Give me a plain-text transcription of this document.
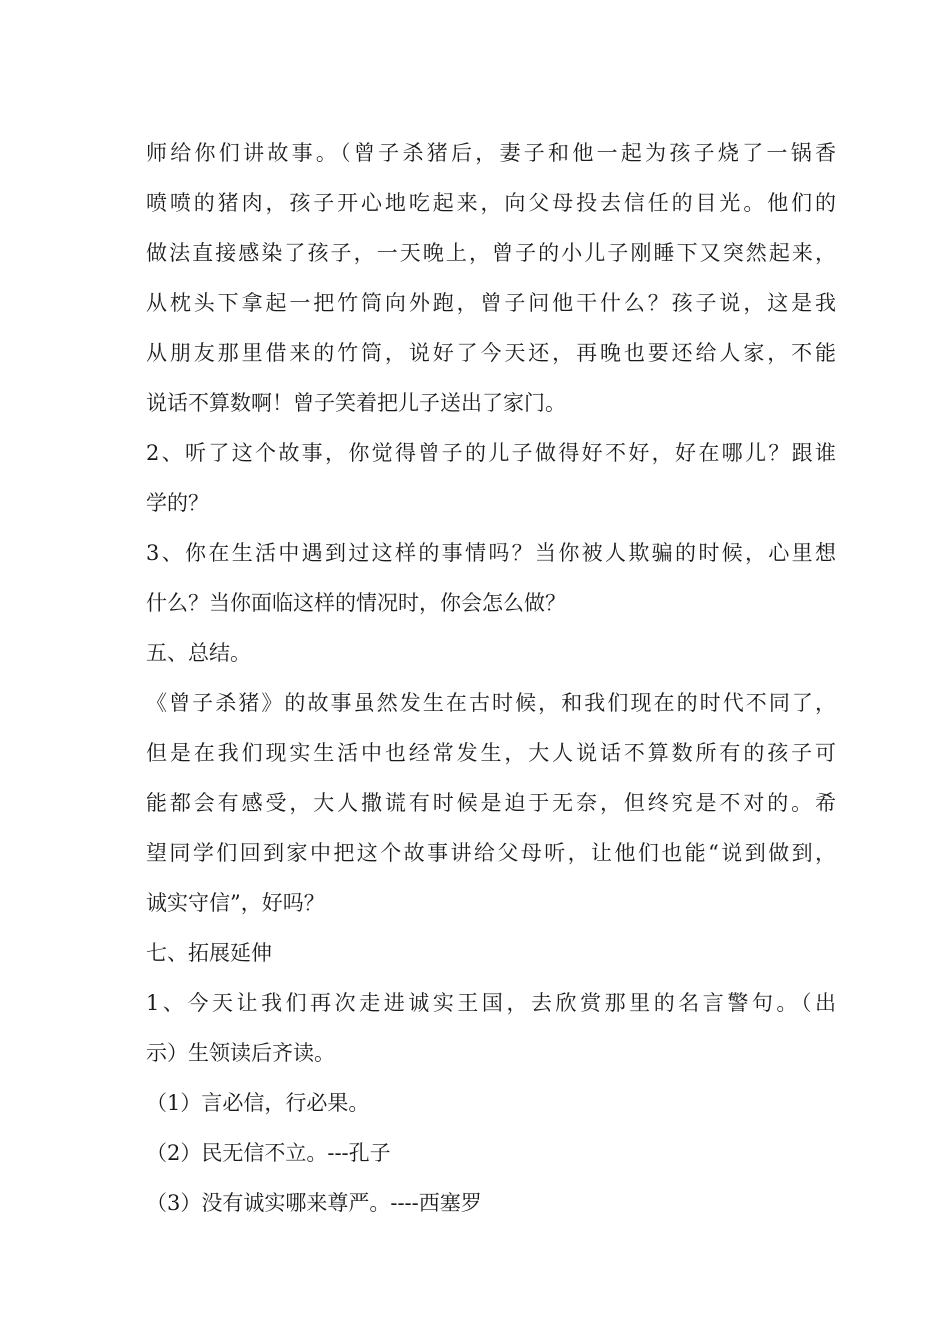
师给你们讲故事。（曾子杀猪后，妻子和他一起为孩子烧了一锅香
喷喷的猪肉，孩子开心地吃起来，向父母投去信任的目光。他们的
做法直接感染了孩子，一天晚上，曾子的小儿子刚睡下又突然起来，
从枕头下拿起一把竹筒向外跑，曾子问他干什么？孩子说，这是我
从朋友那里借来的竹筒，说好了今天还，再晚也要还给人家，不能
说话不算数啊！曾子笑着把儿子送出了家门。
2、听了这个故事，你觉得曾子的儿子做得好不好，好在哪儿？跟谁
学的？
3、你在生活中遇到过这样的事情吗？当你被人欺骗的时候，心里想
什么？当你面临这样的情况时，你会怎么做？
五、总结。
《曾子杀猪》的故事虽然发生在古时候，和我们现在的时代不同了，
但是在我们现实生活中也经常发生，大人说话不算数所有的孩子可
能都会有感受，大人撒谎有时候是迫于无奈，但终究是不对的。希
望同学们回到家中把这个故事讲给父母听，让他们也能“说到做到，
诚实守信”，好吗？
七、拓展延伸
1、今天让我们再次走进诚实王国，去欣赏那里的名言警句。（出
示）生领读后齐读。
（1）言必信，行必果。
（2）民无信不立。---孔子
（3）没有诚实哪来尊严。----西塞罗
